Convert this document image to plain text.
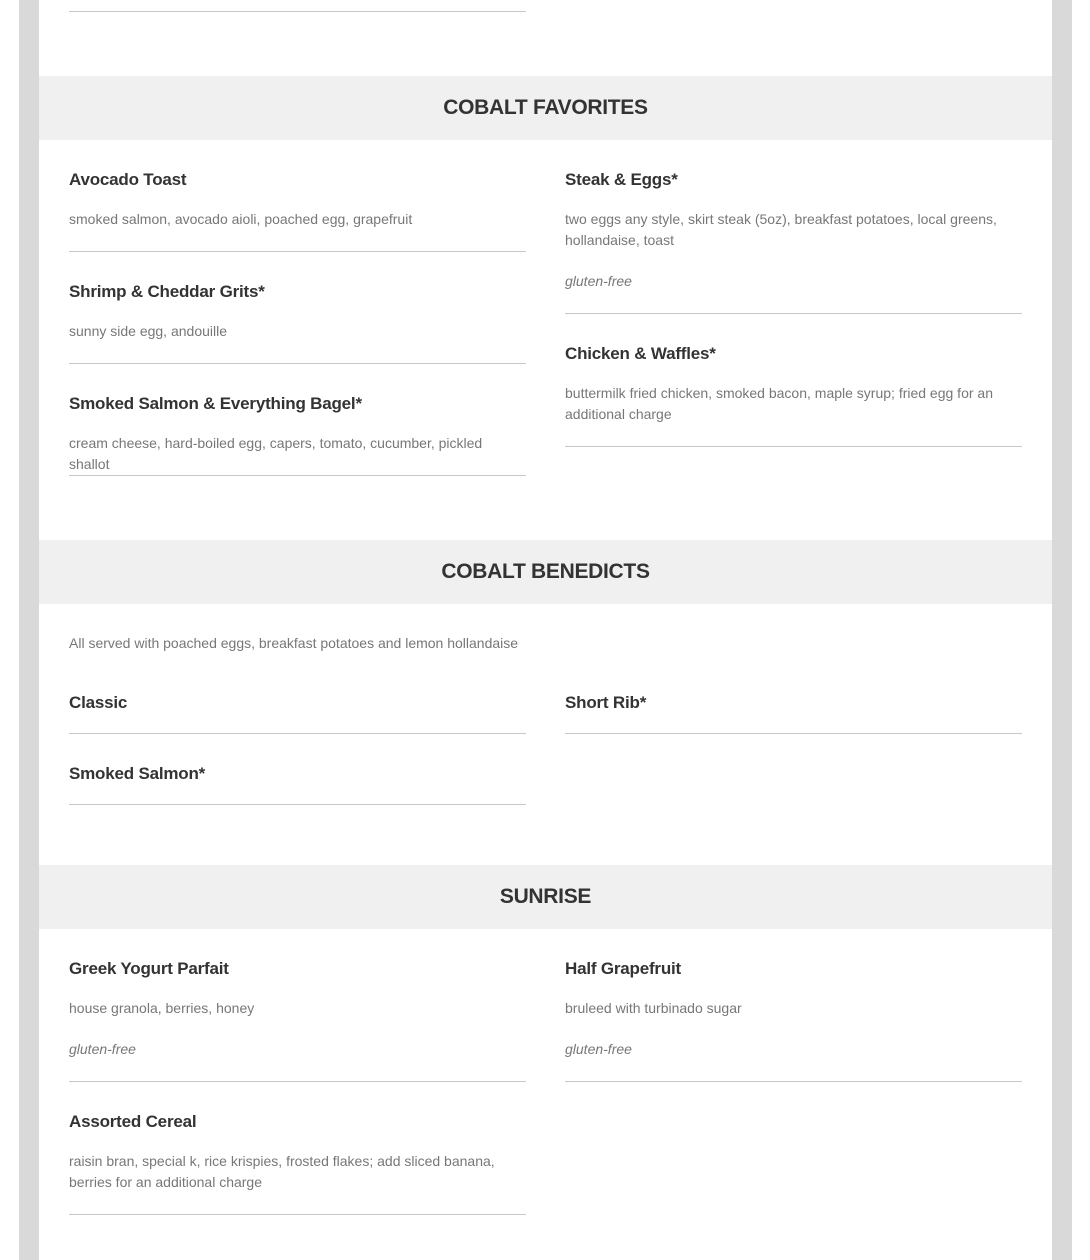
COBALT FAVORITES
Avocado Toast
smoked salmon, avocado aioli, poached egg, grapefruit
Shrimp & Cheddar Grits*
sunny side egg, andouille
Smoked Salmon & Everything Bagel*
cream cheese, hard-boiled egg, capers, tomato, cucumber, pickled shallot
Steak & Eggs*
two eggs any style, skirt steak (5oz), breakfast potatoes, local greens, hollandaise, toast
gluten-free
Chicken & Waffles*
buttermilk fried chicken, smoked bacon, maple syrup; fried egg for an additional charge
COBALT BENEDICTS
All served with poached eggs, breakfast potatoes and lemon hollandaise
Classic	Short Rib*
Smoked Salmon*
SUNRISE
Greek Yogurt Parfait
house granola, berries, honey
gluten-free
Half Grapefruit
bruleed with turbinado sugar
gluten-free
Assorted Cereal
raisin bran, special k, rice krispies, frosted flakes; add sliced banana, berries for an additional charge
